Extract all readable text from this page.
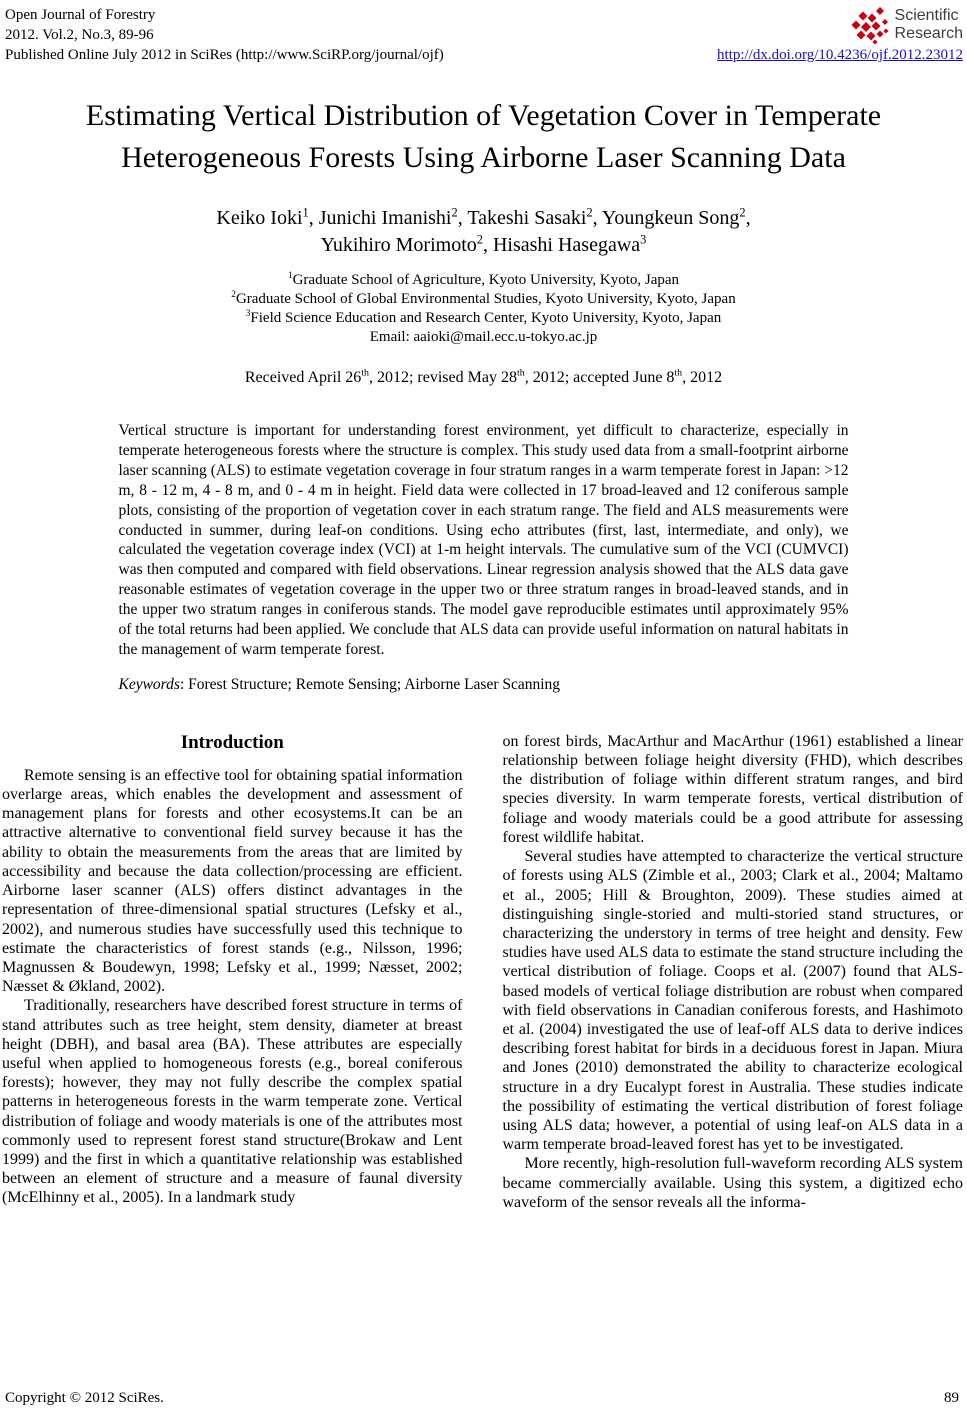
Open Journal of Forestry
2012. Vol.2, No.3, 89-96
Published Online July 2012 in SciRes (http://www.SciRP.org/journal/ojf)
Scientific
Research
http://dx.doi.org/10.4236/ojf.2012.23012
Estimating Vertical Distribution of Vegetation Cover in Temperate Heterogeneous Forests Using Airborne Laser Scanning Data
Keiko Ioki$^1$, Junichi Imanishi$^2$, Takeshi Sasaki$^2$, Youngkeun Song$^2$,
Yukihiro Morimoto$^2$, Hisashi Hasegawa$^3$
$^1$Graduate School of Agriculture, Kyoto University, Kyoto, Japan
$^2$Graduate School of Global Environmental Studies, Kyoto University, Kyoto, Japan
$^3$Field Science Education and Research Center, Kyoto University, Kyoto, Japan
Email: aaioki@mail.ecc.u-tokyo.ac.jp
Received April 26th, 2012; revised May 28th, 2012; accepted June 8th, 2012
Vertical structure is important for understanding forest environment, yet difficult to characterize, especially in temperate heterogeneous forests where the structure is complex. This study used data from a small-footprint airborne laser scanning (ALS) to estimate vegetation coverage in four stratum ranges in a warm temperate forest in Japan: >12 m, 8 - 12 m, 4 - 8 m, and 0 - 4 m in height. Field data were collected in 17 broad-leaved and 12 coniferous sample plots, consisting of the proportion of vegetation cover in each stratum range. The field and ALS measurements were conducted in summer, during leaf-on conditions. Using echo attributes (first, last, intermediate, and only), we calculated the vegetation coverage index (VCI) at 1-m height intervals. The cumulative sum of the VCI (CUMVCI) was then computed and compared with field observations. Linear regression analysis showed that the ALS data gave reasonable estimates of vegetation coverage in the upper two or three stratum ranges in broad-leaved stands, and in the upper two stratum ranges in coniferous stands. The model gave reproducible estimates until approximately 95% of the total returns had been applied. We conclude that ALS data can provide useful information on natural habitats in the management of warm temperate forest.
Keywords: Forest Structure; Remote Sensing; Airborne Laser Scanning
Introduction

Remote sensing is an effective tool for obtaining spatial information overlarge areas, which enables the development and assessment of management plans for forests and other ecosystems.It can be an attractive alternative to conventional field survey because it has the ability to obtain the measurements from the areas that are limited by accessibility and because the data collection/processing are efficient. Airborne laser scanner (ALS) offers distinct advantages in the representation of three-dimensional spatial structures (Lefsky et al., 2002), and numerous studies have successfully used this technique to estimate the characteristics of forest stands (e.g., Nilsson, 1996; Magnussen & Boudewyn, 1998; Lefsky et al., 1999; Næsset, 2002; Næsset & Økland, 2002).

Traditionally, researchers have described forest structure in terms of stand attributes such as tree height, stem density, diameter at breast height (DBH), and basal area (BA). These attributes are especially useful when applied to homogeneous forests (e.g., boreal coniferous forests); however, they may not fully describe the complex spatial patterns in heterogeneous forests in the warm temperate zone. Vertical distribution of foliage and woody materials is one of the attributes most commonly used to represent forest stand structure(Brokaw and Lent 1999) and the first in which a quantitative relationship was established between an element of structure and a measure of faunal diversity (McElhinny et al., 2005). In a landmark study

on forest birds, MacArthur and MacArthur (1961) established a linear relationship between foliage height diversity (FHD), which describes the distribution of foliage within different stratum ranges, and bird species diversity. In warm temperate forests, vertical distribution of foliage and woody materials could be a good attribute for assessing forest wildlife habitat.

Several studies have attempted to characterize the vertical structure of forests using ALS (Zimble et al., 2003; Clark et al., 2004; Maltamo et al., 2005; Hill & Broughton, 2009). These studies aimed at distinguishing single-storied and multi-storied stand structures, or characterizing the understory in terms of tree height and density. Few studies have used ALS data to estimate the stand structure including the vertical distribution of foliage. Coops et al. (2007) found that ALS-based models of vertical foliage distribution are robust when compared with field observations in Canadian coniferous forests, and Hashimoto et al. (2004) investigated the use of leaf-off ALS data to derive indices describing forest habitat for birds in a deciduous forest in Japan. Miura and Jones (2010) demonstrated the ability to characterize ecological structure in a dry Eucalypt forest in Australia. These studies indicate the possibility of estimating the vertical distribution of forest foliage using ALS data; however, a potential of using leaf-on ALS data in a warm temperate broad-leaved forest has yet to be investigated.

More recently, high-resolution full-waveform recording ALS system became commercially available. Using this system, a digitized echo waveform of the sensor reveals all the informa-

Copyright © 2012 SciRes.	89
